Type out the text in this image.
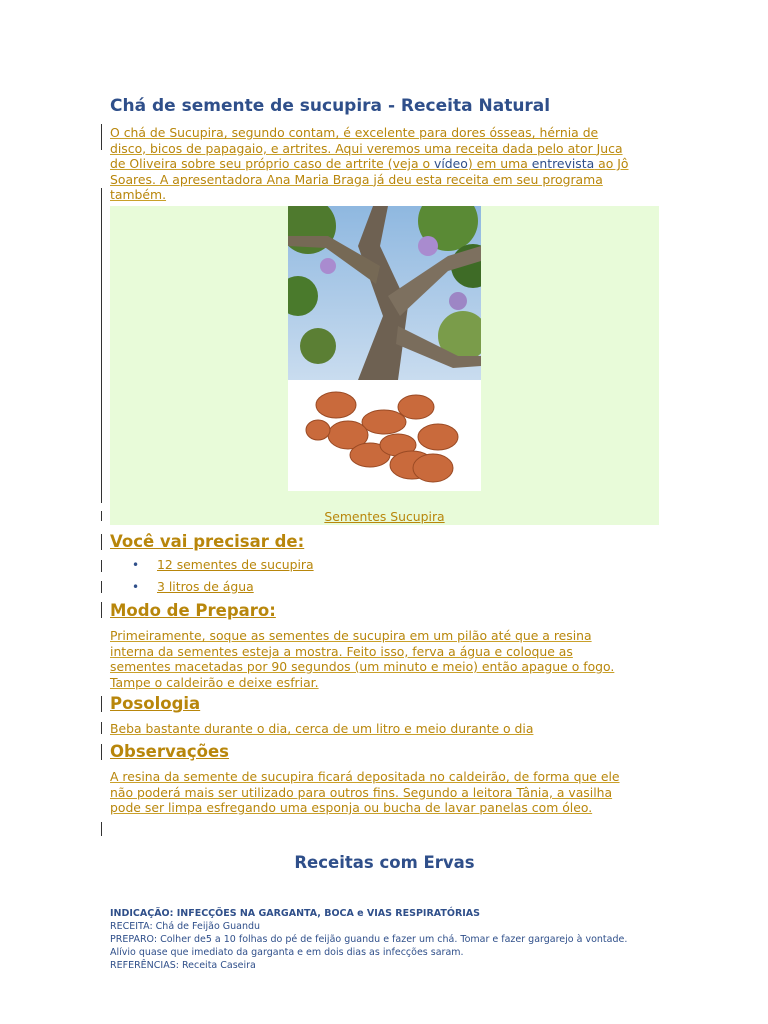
Chá de semente de sucupira - Receita Natural
O chá de Sucupira, segundo contam, é excelente para dores ósseas, hérnia de
disco, bicos de papagaio, e artrites. Aqui veremos uma receita dada pelo ator Juca
de Oliveira sobre seu próprio caso de artrite (veja o vídeo) em uma entrevista ao Jô
Soares. A apresentadora Ana Maria Braga já deu esta receita em seu programa
também.
Sementes Sucupira
Você vai precisar de:
• 12 sementes de sucupira
• 3 litros de água
Modo de Preparo:
Primeiramente, soque as sementes de sucupira em um pilão até que a resina
interna da sementes esteja a mostra. Feito isso, ferva a água e coloque as
sementes macetadas por 90 segundos (um minuto e meio) então apague o fogo.
Tampe o caldeirão e deixe esfriar.
Posologia
Beba bastante durante o dia, cerca de um litro e meio durante o dia
Observações
A resina da semente de sucupira ficará depositada no caldeirão, de forma que ele
não poderá mais ser utilizado para outros fins. Segundo a leitora Tânia, a vasilha
pode ser limpa esfregando uma esponja ou bucha de lavar panelas com óleo.
Receitas com Ervas
INDICAÇÃO: INFECÇÕES NA GARGANTA, BOCA e VIAS RESPIRATÓRIAS
RECEITA: Chá de Feijão Guandu
PREPARO: Colher de5 a 10 folhas do pé de feijão guandu e fazer um chá. Tomar e fazer gargarejo à vontade.
Alívio quase que imediato da garganta e em dois dias as infecções saram.
REFERÊNCIAS: Receita Caseira
